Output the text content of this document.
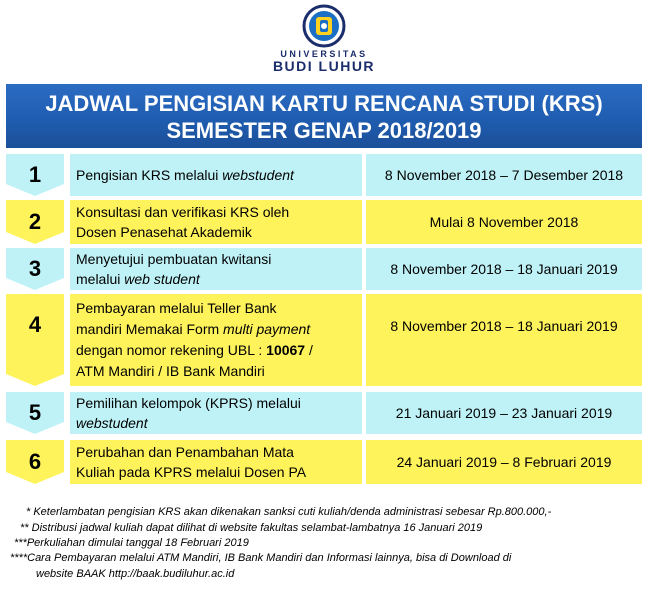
UNIVERSITAS
BUDI LUHUR
JADWAL PENGISIAN KARTU RENCANA STUDI (KRS)
SEMESTER GENAP 2018/2019
1 Pengisian KRS melalui webstudent	8 November 2018 – 7 Desember 2018
2 Konsultasi dan verifikasi KRS oleh
Dosen Penasehat Akademik
Mulai 8 November 2018
3 Menyetujui pembuatan kwitansi
melalui web student
8 November 2018 – 18 Januari 2019
4
Pembayaran melalui Teller Bank
mandiri Memakai Form multi payment
dengan nomor rekening UBL : 10067 /
ATM Mandiri / IB Bank Mandiri
8 November 2018 – 18 Januari 2019
5 Pemilihan kelompok (KPRS) melalui
webstudent
21 Januari 2019 – 23 Januari 2019
6 Perubahan dan Penambahan Mata
Kuliah pada KPRS melalui Dosen PA
24 Januari 2019 – 8 Februari 2019
* Keterlambatan pengisian KRS akan dikenakan sanksi cuti kuliah/denda administrasi sebesar Rp.800.000,-
** Distribusi jadwal kuliah dapat dilihat di website fakultas selambat-lambatnya 16 Januari 2019
***Perkuliahan dimulai tanggal 18 Februari 2019
****Cara Pembayaran melalui ATM Mandiri, IB Bank Mandiri dan Informasi lainnya, bisa di Download di
website BAAK http://baak.budiluhur.ac.id
